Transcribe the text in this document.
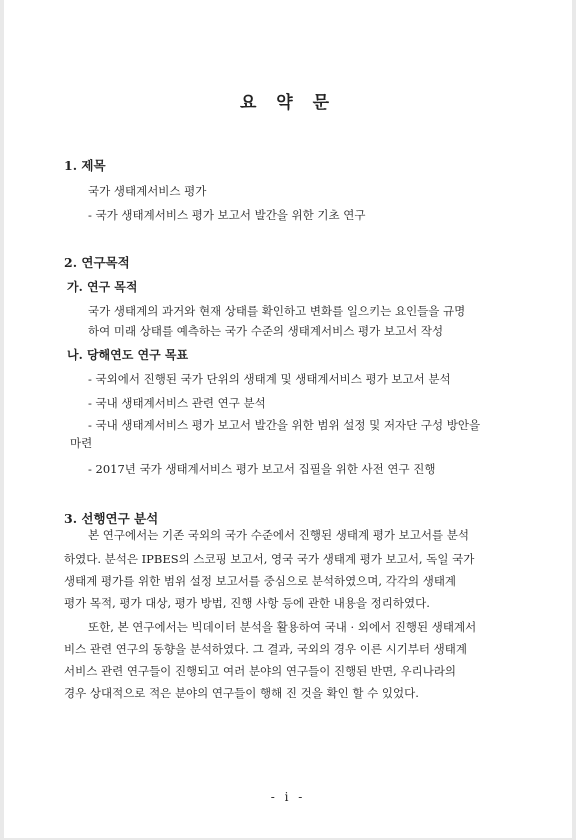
요 약 문
1. 제목
국가 생태계서비스 평가
- 국가 생태계서비스 평가 보고서 발간을 위한 기초 연구
2. 연구목적
가. 연구 목적
국가 생태계의 과거와 현재 상태를 확인하고 변화를 일으키는 요인들을 규명
하여 미래 상태를 예측하는 국가 수준의 생태계서비스 평가 보고서 작성
나. 당해연도 연구 목표
- 국외에서 진행된 국가 단위의 생태계 및 생태계서비스 평가 보고서 분석
- 국내 생태계서비스 관련 연구 분석
- 국내 생태계서비스 평가 보고서 발간을 위한 범위 설정 및 저자단 구성 방안을
마련
- 2017년 국가 생태계서비스 평가 보고서 집필을 위한 사전 연구 진행
3. 선행연구 분석
본 연구에서는 기존 국외의 국가 수준에서 진행된 생태계 평가 보고서를 분석
하였다. 분석은 IPBES의 스코핑 보고서, 영국 국가 생태계 평가 보고서, 독일 국가
생태계 평가를 위한 범위 설정 보고서를 중심으로 분석하였으며, 각각의 생태계
평가 목적, 평가 대상, 평가 방법, 진행 사항 등에 관한 내용을 정리하였다.
또한, 본 연구에서는 빅데이터 분석을 활용하여 국내 · 외에서 진행된 생태계서
비스 관련 연구의 동향을 분석하였다. 그 결과, 국외의 경우 이른 시기부터 생태계
서비스 관련 연구들이 진행되고 여러 분야의 연구들이 진행된 반면, 우리나라의
경우 상대적으로 적은 분야의 연구들이 행해 진 것을 확인 할 수 있었다.
- i -
